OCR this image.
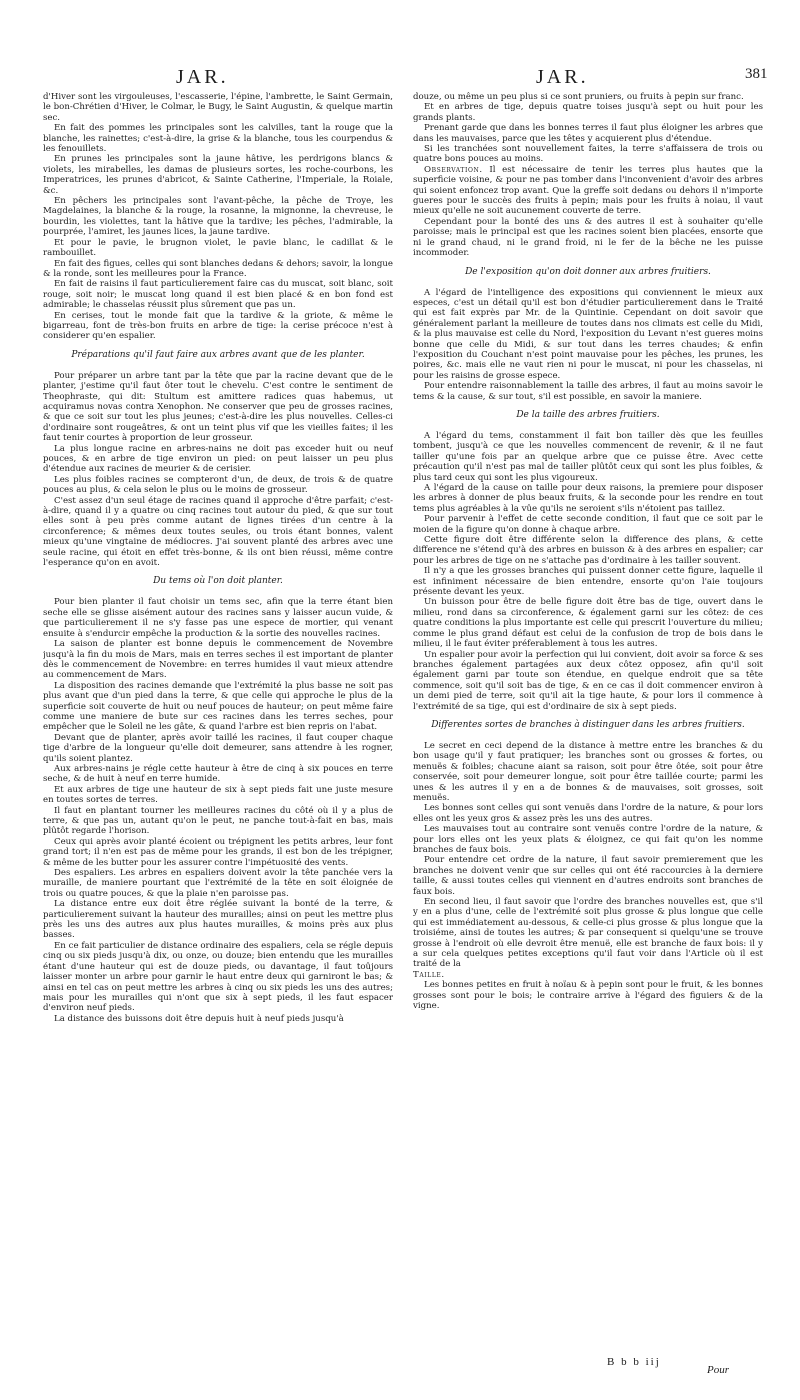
JAR.	JAR.	381

d'Hiver sont les virgouleuses, l'escasserie, l'épine, l'ambrette, le Saint Germain, le bon-Chrétien d'Hiver, le Colmar, le Bugy, le Saint Augustin, & quelque martin sec.

En fait des pommes les principales sont les calvilles, tant la rouge que la blanche, les rainettes; c'est-à-dire, la grise & la blanche, tous les courpendus & les fenouillets.

En prunes les principales sont la jaune hâtive, les perdrigons blancs & violets, les mirabelles, les damas de plusieurs sortes, les roche-courbons, les Imperatrices, les prunes d'abricot, & Sainte Catherine, l'Imperiale, la Roiale, &c.

En pêchers les principales sont l'avant-pêche, la pêche de Troye, les Magdelaines, la blanche & la rouge, la rosanne, la mignonne, la chevreuse, le bourdin, les violettes, tant la hâtive que la tardive; les pêches, l'admirable, la pourprée, l'amiret, les jaunes lices, la jaune tardive.

Et pour le pavie, le brugnon violet, le pavie blanc, le cadillat & le rambouillet.

En fait des figues, celles qui sont blanches dedans & dehors; savoir, la longue & la ronde, sont les meilleures pour la France.

En fait de raisins il faut particulierement faire cas du muscat, soit blanc, soit rouge, soit noir; le muscat long quand il est bien placé & en bon fond est admirable; le chasselas réussit plus sûrement que pas un.

En cerises, tout le monde fait que la tardive & la griote, & même le bigarreau, font de très-bon fruits en arbre de tige: la cerise précoce n'est à considerer qu'en espalier.

Préparations qu'il faut faire aux arbres avant que de les planter.

Pour préparer un arbre tant par la tête que par la racine devant que de le planter, j'estime qu'il faut ôter tout le chevelu. C'est contre le sentiment de Theophraste, qui dit: Stultum est amittere radices quas habemus, ut acquiramus novas contra Xenophon. Ne conserver que peu de grosses racines, & que ce soit sur tout les plus jeunes; c'est-à-dire les plus nouvelles. Celles-ci d'ordinaire sont rougeâtres, & ont un teint plus vif que les vieilles faites; il les faut tenir courtes à proportion de leur grosseur.

La plus longue racine en arbres-nains ne doit pas exceder huit ou neuf pouces, & en arbre de tige environ un pied: on peut laisser un peu plus d'étendue aux racines de meurier & de cerisier.

Les plus foibles racines se compteront d'un, de deux, de trois & de quatre pouces au plus, & cela selon le plus ou le moins de grosseur.

C'est assez d'un seul étage de racines quand il approche d'être parfait; c'est-à-dire, quand il y a quatre ou cinq racines tout autour du pied, & que sur tout elles sont à peu près comme autant de lignes tirées d'un centre à la circonference; & mêmes deux toutes seules, ou trois étant bonnes, valent mieux qu'une vingtaine de médiocres. J'ai souvent planté des arbres avec une seule racine, qui étoit en effet très-bonne, & ils ont bien réussi, même contre l'esperance qu'on en avoit.

Du tems où l'on doit planter.

Pour bien planter il faut choisir un tems sec, afin que la terre étant bien seche elle se glisse aisément autour des racines sans y laisser aucun vuide, & que particulierement il ne s'y fasse pas une espece de mortier, qui venant ensuite à s'endurcir empêche la production & la sortie des nouvelles racines.

La saison de planter est bonne depuis le commencement de Novembre jusqu'à la fin du mois de Mars, mais en terres seches il est important de planter dès le commencement de Novembre: en terres humides il vaut mieux attendre au commencement de Mars.

La disposition des racines demande que l'extrémité la plus basse ne soit pas plus avant que d'un pied dans la terre, & que celle qui approche le plus de la superficie soit couverte de huit ou neuf pouces de hauteur; on peut même faire comme une maniere de bute sur ces racines dans les terres seches, pour empêcher que le Soleil ne les gâte, & quand l'arbre est bien repris on l'abat.

Devant que de planter, après avoir taillé les racines, il faut couper chaque tige d'arbre de la longueur qu'elle doit demeurer, sans attendre à les rogner, qu'ils soient plantez.

Aux arbres-nains je régle cette hauteur à être de cinq à six pouces en terre seche, & de huit à neuf en terre humide.

Et aux arbres de tige une hauteur de six à sept pieds fait une juste mesure en toutes sortes de terres.

Il faut en plantant tourner les meilleures racines du côté où il y a plus de terre, & que pas un, autant qu'on le peut, ne panche tout-à-fait en bas, mais plûtôt regarde l'horison.

Ceux qui après avoir planté écoient ou trépignent les petits arbres, leur font grand tort; il n'en est pas de même pour les grands, il est bon de les trépigner, & même de les butter pour les assurer contre l'impétuosité des vents.

Des espaliers. Les arbres en espaliers doivent avoir la tête panchée vers la muraille, de maniere pourtant que l'extrémité de la tête en soit éloignée de trois ou quatre pouces, & que la plaie n'en paroisse pas.

La distance entre eux doit être réglée suivant la bonté de la terre, & particulierement suivant la hauteur des murailles; ainsi on peut les mettre plus près les uns des autres aux plus hautes murailles, & moins près aux plus basses.

En ce fait particulier de distance ordinaire des espaliers, cela se régle depuis cinq ou six pieds jusqu'à dix, ou onze, ou douze; bien entendu que les murailles étant d'une hauteur qui est de douze pieds, ou davantage, il faut toûjours laisser monter un arbre pour garnir le haut entre deux qui garniront le bas; & ainsi en tel cas on peut mettre les arbres à cinq ou six pieds les uns des autres; mais pour les murailles qui n'ont que six à sept pieds, il les faut espacer d'environ neuf pieds.

La distance des buissons doit être depuis huit à neuf pieds jusqu'à

douze, ou même un peu plus si ce sont pruniers, ou fruits à pepin sur franc.

Et en arbres de tige, depuis quatre toises jusqu'à sept ou huit pour les grands plants.

Prenant garde que dans les bonnes terres il faut plus éloigner les arbres que dans les mauvaises, parce que les têtes y acquierent plus d'étendue.

Si les tranchées sont nouvellement faites, la terre s'affaissera de trois ou quatre bons pouces au moins.

Observation. Il est nécessaire de tenir les terres plus hautes que la superficie voisine, & pour ne pas tomber dans l'inconvenient d'avoir des arbres qui soient enfoncez trop avant. Que la greffe soit dedans ou dehors il n'importe gueres pour le succès des fruits à pepin; mais pour les fruits à noiau, il vaut mieux qu'elle ne soit aucunement couverte de terre.

Cependant pour la bonté des uns & des autres il est à souhaiter qu'elle paroisse; mais le principal est que les racines soient bien placées, ensorte que ni le grand chaud, ni le grand froid, ni le fer de la bêche ne les puisse incommoder.

De l'exposition qu'on doit donner aux arbres fruitiers.

A l'égard de l'intelligence des expositions qui conviennent le mieux aux especes, c'est un détail qu'il est bon d'étudier particulierement dans le Traité qui est fait exprès par Mr. de la Quintinie. Cependant on doit savoir que généralement parlant la meilleure de toutes dans nos climats est celle du Midi, & la plus mauvaise est celle du Nord, l'exposition du Levant n'est gueres moins bonne que celle du Midi, & sur tout dans les terres chaudes; & enfin l'exposition du Couchant n'est point mauvaise pour les pêches, les prunes, les poires, &c. mais elle ne vaut rien ni pour le muscat, ni pour les chasselas, ni pour les raisins de grosse espece.

Pour entendre raisonnablement la taille des arbres, il faut au moins savoir le tems & la cause, & sur tout, s'il est possible, en savoir la maniere.

De la taille des arbres fruitiers.

A l'égard du tems, constamment il fait bon tailler dès que les feuilles tombent, jusqu'à ce que les nouvelles commencent de revenir, & il ne faut tailler qu'une fois par an quelque arbre que ce puisse être. Avec cette précaution qu'il n'est pas mal de tailler plûtôt ceux qui sont les plus foibles, & plus tard ceux qui sont les plus vigoureux.

A l'égard de la cause on taille pour deux raisons, la premiere pour disposer les arbres à donner de plus beaux fruits, & la seconde pour les rendre en tout tems plus agréables à la vûe qu'ils ne seroient s'ils n'étoient pas taillez.

Pour parvenir à l'effet de cette seconde condition, il faut que ce soit par le moien de la figure qu'on donne à chaque arbre.

Cette figure doit être différente selon la difference des plans, & cette difference ne s'étend qu'à des arbres en buisson & à des arbres en espalier; car pour les arbres de tige on ne s'attache pas d'ordinaire à les tailler souvent.

Il n'y a que les grosses branches qui puissent donner cette figure, laquelle il est infiniment nécessaire de bien entendre, ensorte qu'on l'aie toujours présente devant les yeux.

Un buisson pour être de belle figure doit être bas de tige, ouvert dans le milieu, rond dans sa circonference, & également garni sur les côtez: de ces quatre conditions la plus importante est celle qui prescrit l'ouverture du milieu; comme le plus grand défaut est celui de la confusion de trop de bois dans le milieu, il le faut éviter préferablement à tous les autres.

Un espalier pour avoir la perfection qui lui convient, doit avoir sa force & ses branches également partagées aux deux côtez opposez, afin qu'il soit également garni par toute son étendue, en quelque endroit que sa tête commence, soit qu'il soit bas de tige, & en ce cas il doit commencer environ à un demi pied de terre, soit qu'il ait la tige haute, & pour lors il commence à l'extrémité de sa tige, qui est d'ordinaire de six à sept pieds.

Differentes sortes de branches à distinguer dans les arbres fruitiers.

Le secret en ceci depend de la distance à mettre entre les branches & du bon usage qu'il y faut pratiquer; les branches sont ou grosses & fortes, ou menuës & foibles; chacune aiant sa raison, soit pour être ôtée, soit pour être conservée, soit pour demeurer longue, soit pour être taillée courte; parmi les unes & les autres il y en a de bonnes & de mauvaises, soit grosses, soit menuës.

Les bonnes sont celles qui sont venuës dans l'ordre de la nature, & pour lors elles ont les yeux gros & assez près les uns des autres.

Les mauvaises tout au contraire sont venuës contre l'ordre de la nature, & pour lors elles ont les yeux plats & éloignez, ce qui fait qu'on les nomme branches de faux bois.

Pour entendre cet ordre de la nature, il faut savoir premierement que les branches ne doivent venir que sur celles qui ont été raccourcies à la derniere taille, & aussi toutes celles qui viennent en d'autres endroits sont branches de faux bois.

En second lieu, il faut savoir que l'ordre des branches nouvelles est, que s'il y en a plus d'une, celle de l'extrémité soit plus grosse & plus longue que celle qui est immédiatement au-dessous, & celle-ci plus grosse & plus longue que la troisiéme, ainsi de toutes les autres; & par consequent si quelqu'une se trouve grosse à l'endroit où elle devroit être menuë, elle est branche de faux bois: il y a sur cela quelques petites exceptions qu'il faut voir dans l'Article où il est traité de la

Taille.

Les bonnes petites en fruit à noïau & à pepin sont pour le fruit, & les bonnes grosses sont pour le bois; le contraire arrive à l'égard des figuiers & de la vigne.

B b b iij
Pour
